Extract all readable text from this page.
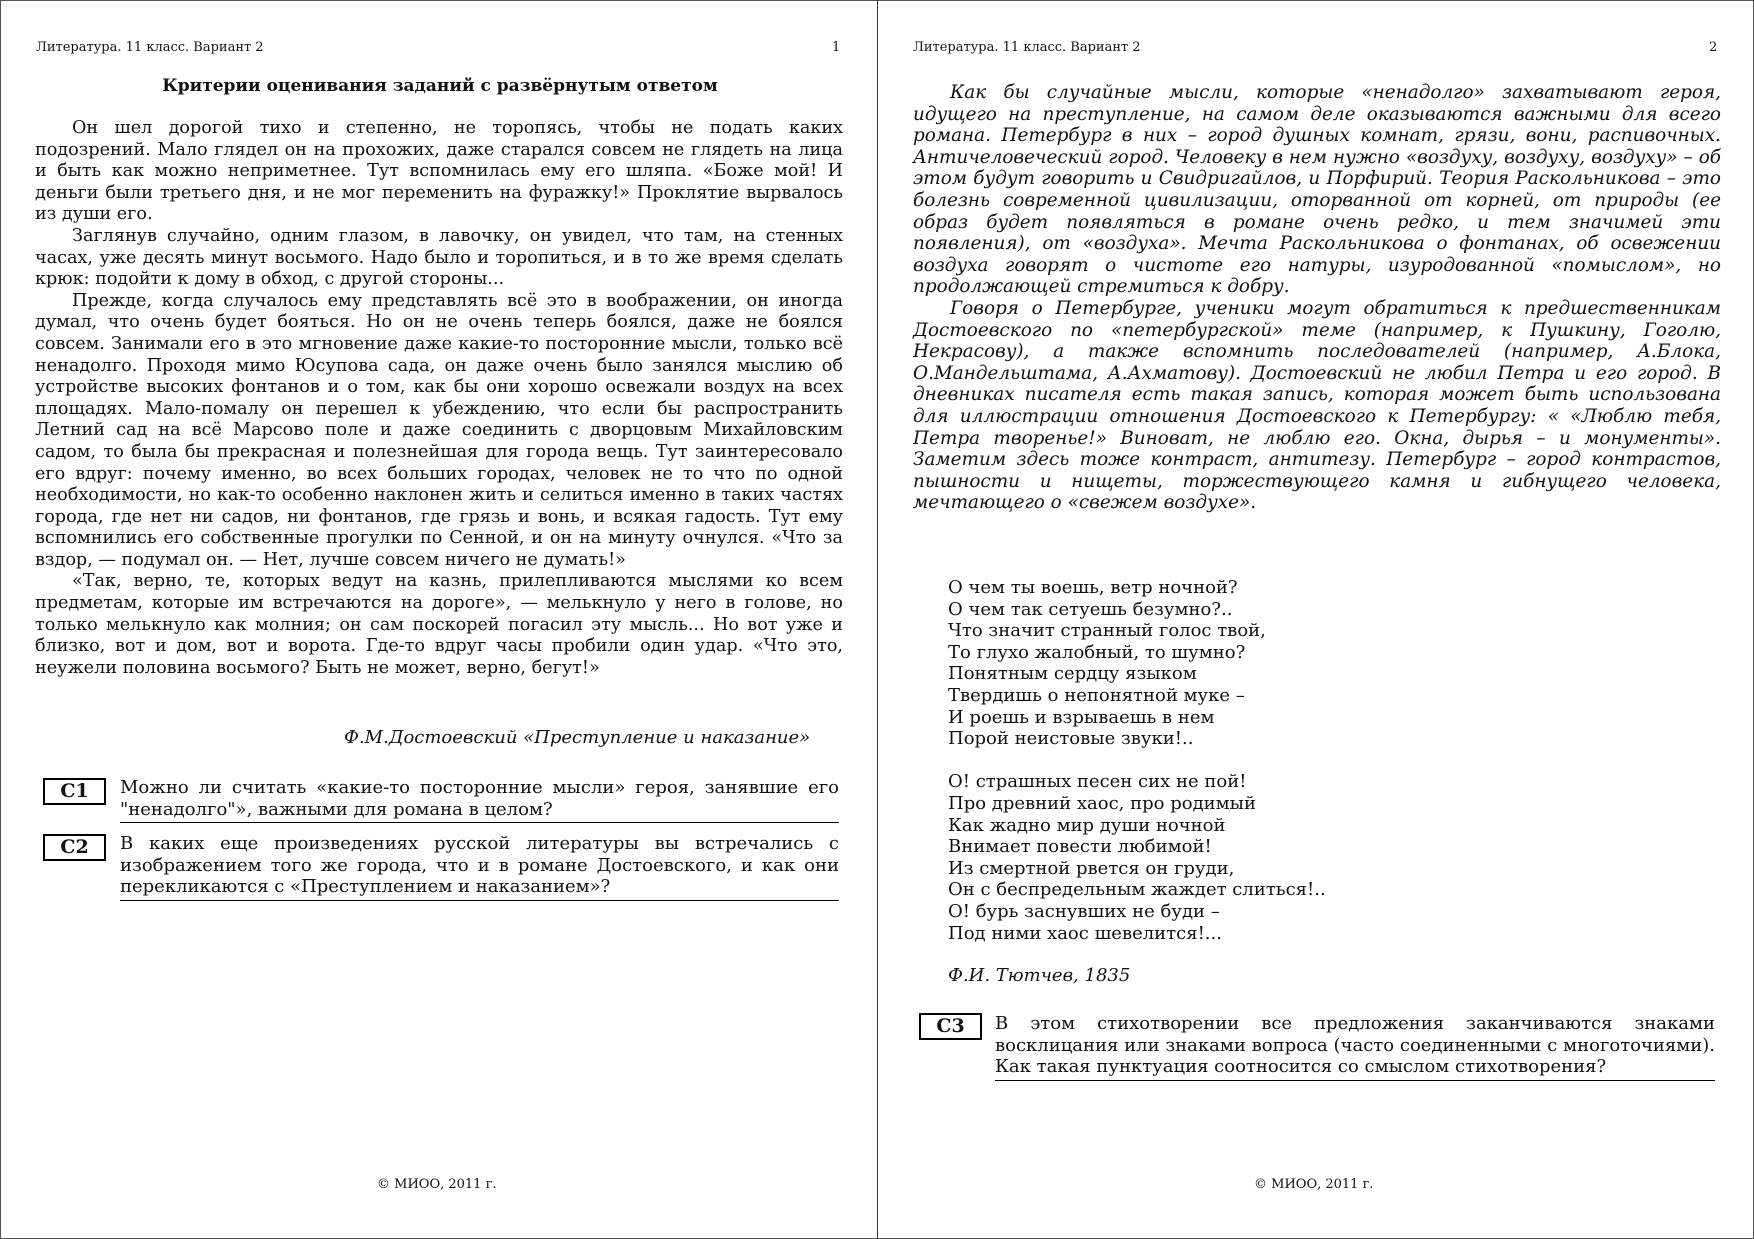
Литература. 11 класс. Вариант 2	1
Критерии оценивания заданий с развёрнутым ответом

Он шел дорогой тихо и степенно, не торопясь, чтобы не подать каких подозрений. Мало глядел он на прохожих, даже старался совсем не глядеть на лица и быть как можно неприметнее. Тут вспомнилась ему его шляпа. «Боже мой! И деньги были третьего дня, и не мог переменить на фуражку!» Проклятие вырвалось из души его.

Заглянув случайно, одним глазом, в лавочку, он увидел, что там, на стенных часах, уже десять минут восьмого. Надо было и торопиться, и в то же время сделать крюк: подойти к дому в обход, с другой стороны...

Прежде, когда случалось ему представлять всё это в воображении, он иногда думал, что очень будет бояться. Но он не очень теперь боялся, даже не боялся совсем. Занимали его в это мгновение даже какие-то посторонние мысли, только всё ненадолго. Проходя мимо Юсупова сада, он даже очень было занялся мыслию об устройстве высоких фонтанов и о том, как бы они хорошо освежали воздух на всех площадях. Мало-помалу он перешел к убеждению, что если бы распространить Летний сад на всё Марсово поле и даже соединить с дворцовым Михайловским садом, то была бы прекрасная и полезнейшая для города вещь. Тут заинтересовало его вдруг: почему именно, во всех больших городах, человек не то что по одной необходимости, но как-то особенно наклонен жить и селиться именно в таких частях города, где нет ни садов, ни фонтанов, где грязь и вонь, и всякая гадость. Тут ему вспомнились его собственные прогулки по Сенной, и он на минуту очнулся. «Что за вздор, — подумал он. — Нет, лучше совсем ничего не думать!»

«Так, верно, те, которых ведут на казнь, прилепливаются мыслями ко всем предметам, которые им встречаются на дороге», — мелькнуло у него в голове, но только мелькнуло как молния; он сам поскорей погасил эту мысль... Но вот уже и близко, вот и дом, вот и ворота. Где-то вдруг часы пробили один удар. «Что это, неужели половина восьмого? Быть не может, верно, бегут!»

Ф.М.Достоевский «Преступление и наказание»
С1	Можно ли считать «какие-то посторонние мысли» героя, занявшие его "ненадолго"», важными для романа в целом?
С2	В каких еще произведениях русской литературы вы встречались с изображением того же города, что и в романе Достоевского, и как они перекликаются с «Преступлением и наказанием»?
© МИОО, 2011 г.
Литература. 11 класс. Вариант 2	2

Как бы случайные мысли, которые «ненадолго» захватывают героя, идущего на преступление, на самом деле оказываются важными для всего романа. Петербург в них – город душных комнат, грязи, вони, распивочных. Античеловеческий город. Человеку в нем нужно «воздуху, воздуху, воздуху» – об этом будут говорить и Свидригайлов, и Порфирий. Теория Раскольникова – это болезнь современной цивилизации, оторванной от корней, от природы (ее образ будет появляться в романе очень редко, и тем значимей эти появления), от «воздуха». Мечта Раскольникова о фонтанах, об освежении воздуха говорят о чистоте его натуры, изуродованной «помыслом», но продолжающей стремиться к добру.

Говоря о Петербурге, ученики могут обратиться к предшественникам Достоевского по «петербургской» теме (например, к Пушкину, Гоголю, Некрасову), а также вспомнить последователей (например, А.Блока, О.Мандельштама, А.Ахматову). Достоевский не любил Петра и его город. В дневниках писателя есть такая запись, которая может быть использована для иллюстрации отношения Достоевского к Петербургу: « «Люблю тебя, Петра творенье!» Виноват, не люблю его. Окна, дырья – и монументы». Заметим здесь тоже контраст, антитезу. Петербург – город контрастов, пышности и нищеты, торжествующего камня и гибнущего человека, мечтающего о «свежем воздухе».

О чем ты воешь, ветр ночной?
О чем так сетуешь безумно?..
Что значит странный голос твой,
То глухо жалобный, то шумно?
Понятным сердцу языком
Твердишь о непонятной муке –
И роешь и взрываешь в нем
Порой неистовые звуки!..
О! страшных песен сих не пой!
Про древний хаос, про родимый
Как жадно мир души ночной
Внимает повести любимой!
Из смертной рвется он груди,
Он с беспредельным жаждет слиться!..
О! бурь заснувших не буди –
Под ними хаос шевелится!...
Ф.И. Тютчев, 1835
С3	В этом стихотворении все предложения заканчиваются знаками восклицания или знаками вопроса (часто соединенными с многоточиями). Как такая пунктуация соотносится со смыслом стихотворения?
© МИОО, 2011 г.
